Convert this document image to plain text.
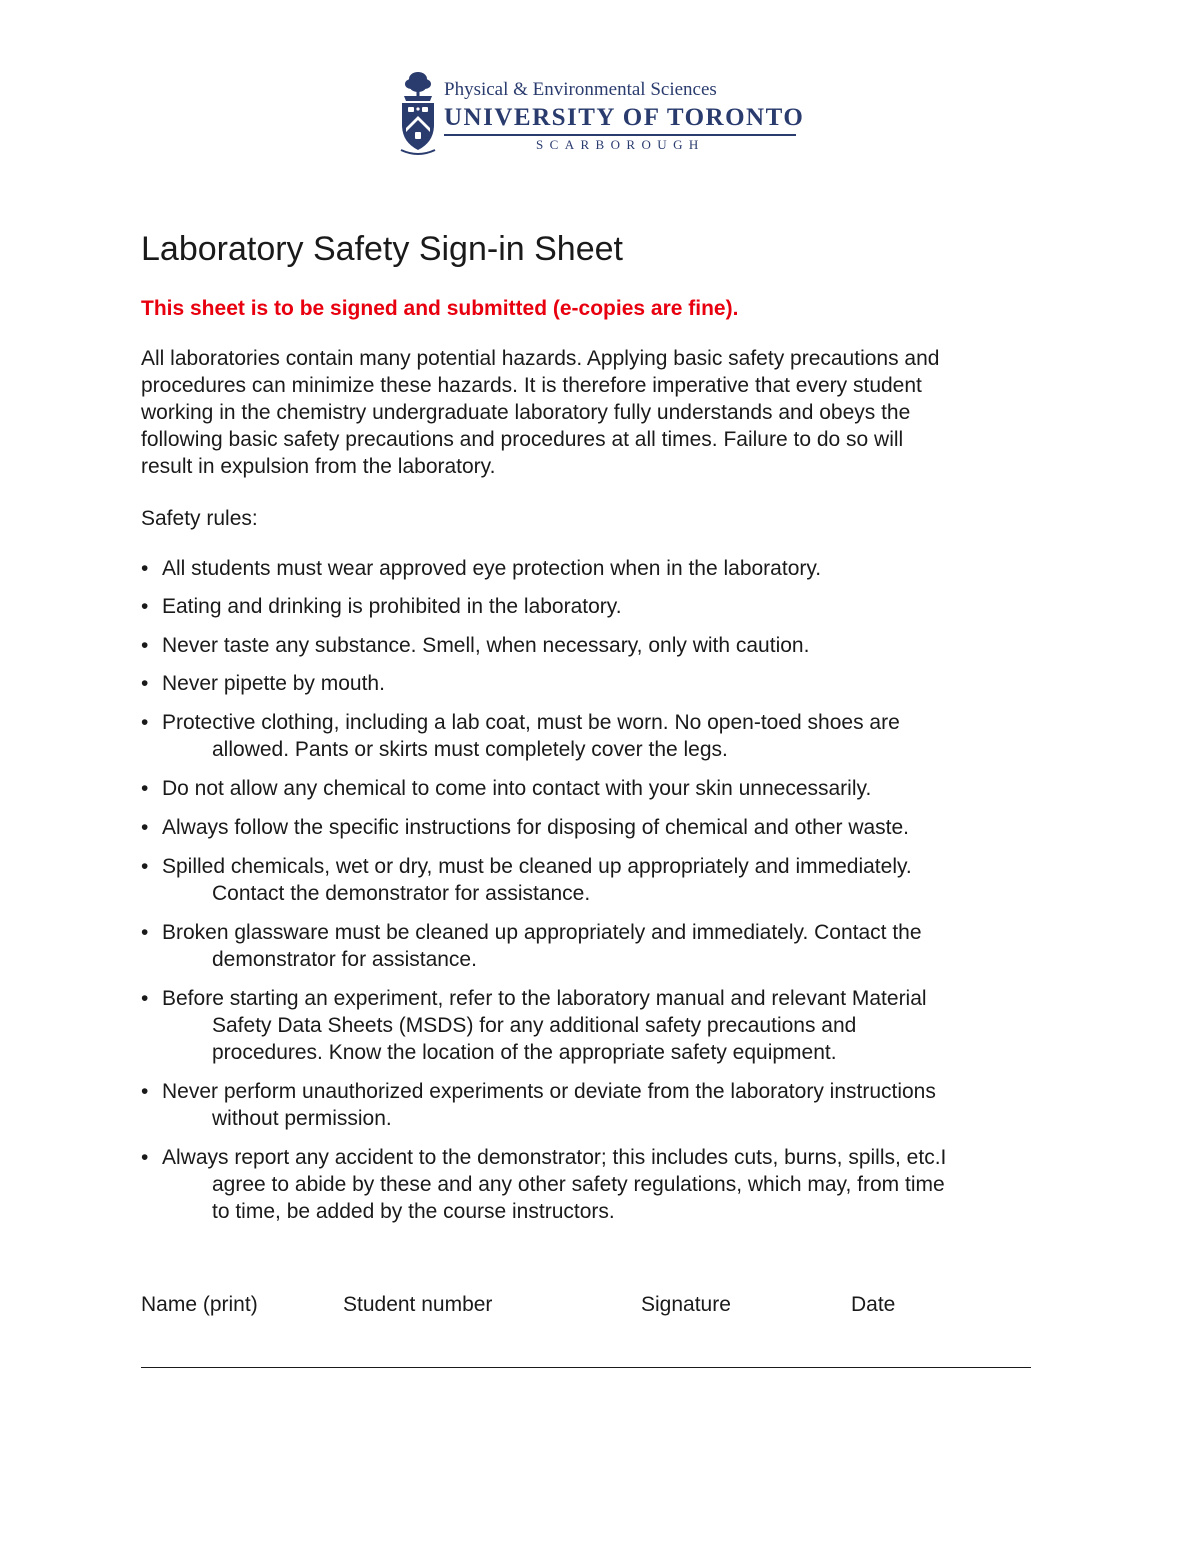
Physical & Environmental Sciences
UNIVERSITY OF TORONTO
SCARBOROUGH
Laboratory Safety Sign-in Sheet

This sheet is to be signed and submitted (e-copies are fine).

All laboratories contain many potential hazards. Applying basic safety precautions and
procedures can minimize these hazards. It is therefore imperative that every student
working in the chemistry undergraduate laboratory fully understands and obeys the
following basic safety precautions and procedures at all times. Failure to do so will
result in expulsion from the laboratory.

Safety rules:

• All students must wear approved eye protection when in the laboratory.
• Eating and drinking is prohibited in the laboratory.
• Never taste any substance. Smell, when necessary, only with caution.
• Never pipette by mouth.
• Protective clothing, including a lab coat, must be worn. No open-toed shoes are
allowed. Pants or skirts must completely cover the legs.
• Do not allow any chemical to come into contact with your skin unnecessarily.
• Always follow the specific instructions for disposing of chemical and other waste.
• Spilled chemicals, wet or dry, must be cleaned up appropriately and immediately.
Contact the demonstrator for assistance.
• Broken glassware must be cleaned up appropriately and immediately. Contact the
demonstrator for assistance.
• Before starting an experiment, refer to the laboratory manual and relevant Material
Safety Data Sheets (MSDS) for any additional safety precautions and
procedures. Know the location of the appropriate safety equipment.
• Never perform unauthorized experiments or deviate from the laboratory instructions
without permission.
• Always report any accident to the demonstrator; this includes cuts, burns, spills, etc.I
agree to abide by these and any other safety regulations, which may, from time
to time, be added by the course instructors.
Name (print)	Student number	Signature	Date
